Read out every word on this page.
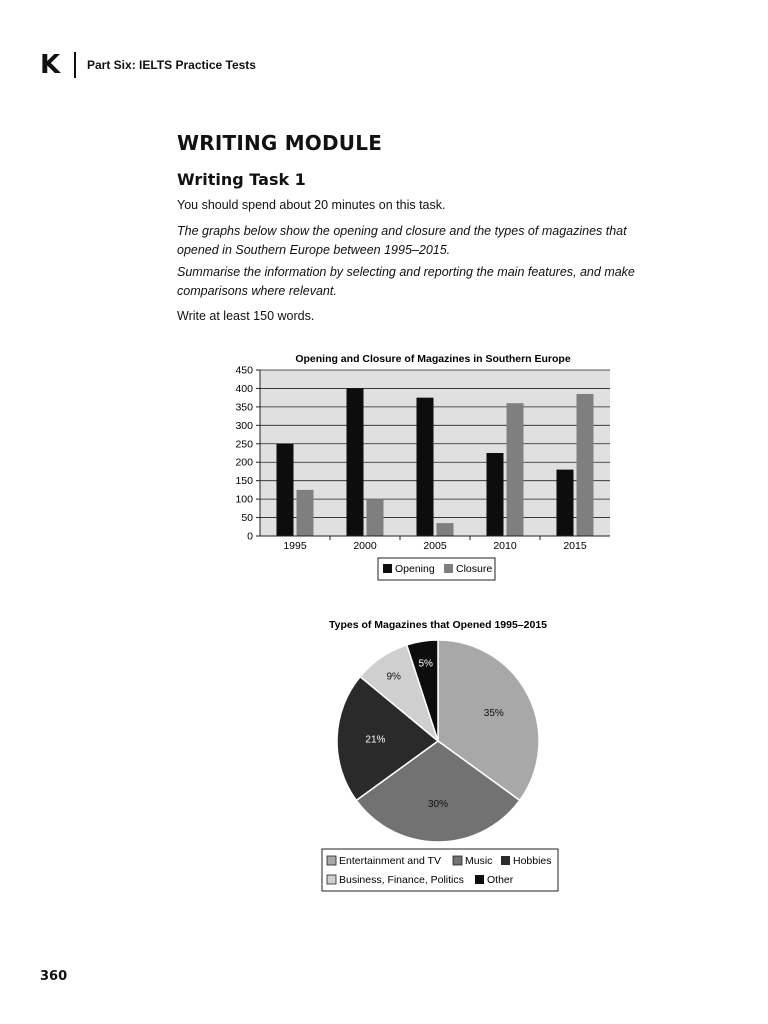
K Part Six: IELTS Practice Tests
WRITING MODULE
Writing Task 1
You should spend about 20 minutes on this task.
The graphs below show the opening and closure and the types of magazines that opened in Southern Europe between 1995–2015.
Summarise the information by selecting and reporting the main features, and make comparisons where relevant.
Write at least 150 words.
Opening and Closure of Magazines in Southern Europe
0
50
100
150
200
250
300
350
400
450
1995	2000	2005	2010	2015
Opening Closure
Types of Magazines that Opened 1995–2015
35%
30%
21%
9%
5%
Entertainment and TV Music Hobbies
Business, Finance, Politics Other
360
